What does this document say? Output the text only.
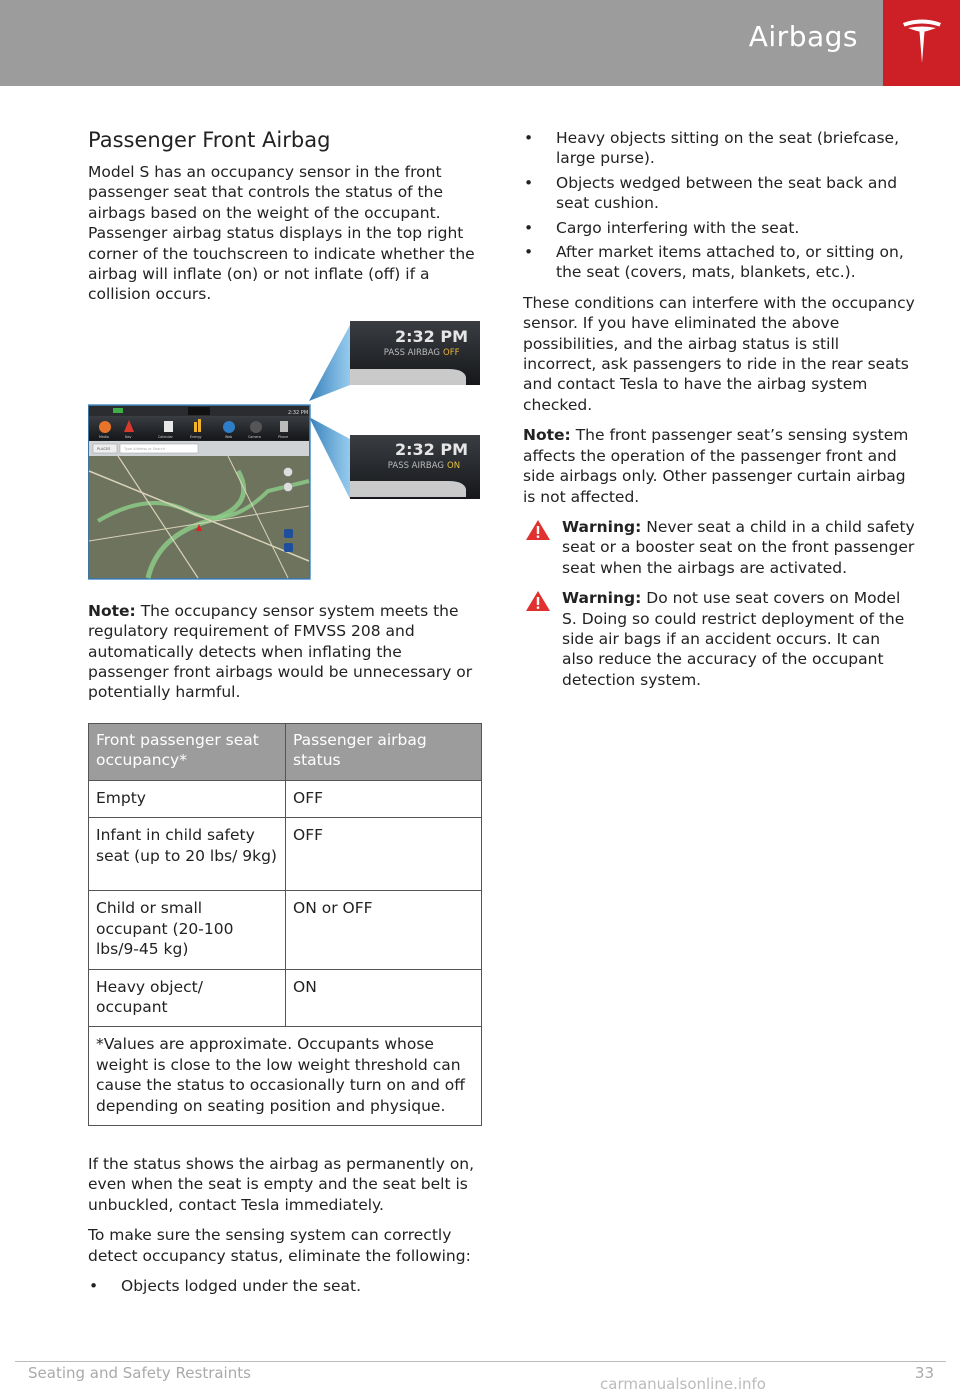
Airbags
Passenger Front Airbag

Model S has an occupancy sensor in the front passenger seat that controls the status of the airbags based on the weight of the occupant. Passenger airbag status displays in the top right corner of the touchscreen to indicate whether the airbag will inflate (on) or not inflate (off) if a collision occurs.

2:32 PM
Media	Nav	Calendar	Energy	Web	Camera	Phone
PLACES	Type Address or Search
2:32 PM
PASS AIRBAG OFF
2:32 PM
PASS AIRBAG ON

Note: The occupancy sensor system meets the regulatory requirement of FMVSS 208 and automatically detects when inflating the passenger front airbags would be unnecessary or potentially harmful.

Front passenger seat occupancy*	Passenger airbag status
Empty	OFF
Infant in child safety seat (up to 20 lbs/ 9kg)	OFF
Child or small occupant (20-100 lbs/9-45 kg)	ON or OFF
Heavy object/ occupant	ON
*Values are approximate. Occupants whose weight is close to the low weight threshold can cause the status to occasionally turn on and off depending on seating position and physique.	

If the status shows the airbag as permanently on, even when the seat is empty and the seat belt is unbuckled, contact Tesla immediately.

To make sure the sensing system can correctly detect occupancy status, eliminate the following:

• Objects lodged under the seat.
• Heavy objects sitting on the seat (briefcase, large purse).
• Objects wedged between the seat back and seat cushion.
• Cargo interfering with the seat.
• After market items attached to, or sitting on, the seat (covers, mats, blankets, etc.).

These conditions can interfere with the occupancy sensor. If you have eliminated the above possibilities, and the airbag status is still incorrect, ask passengers to ride in the rear seats and contact Tesla to have the airbag system checked.

Note: The front passenger seat’s sensing system affects the operation of the passenger front and side airbags only. Other passenger curtain airbag is not affected.

Warning: Never seat a child in a child safety seat or a booster seat on the front passenger seat when the airbags are activated.

Warning: Do not use seat covers on Model S. Doing so could restrict deployment of the side air bags if an accident occurs. It can also reduce the accuracy of the occupant detection system.

Seating and Safety Restraints	33
carmanualsonline.info
